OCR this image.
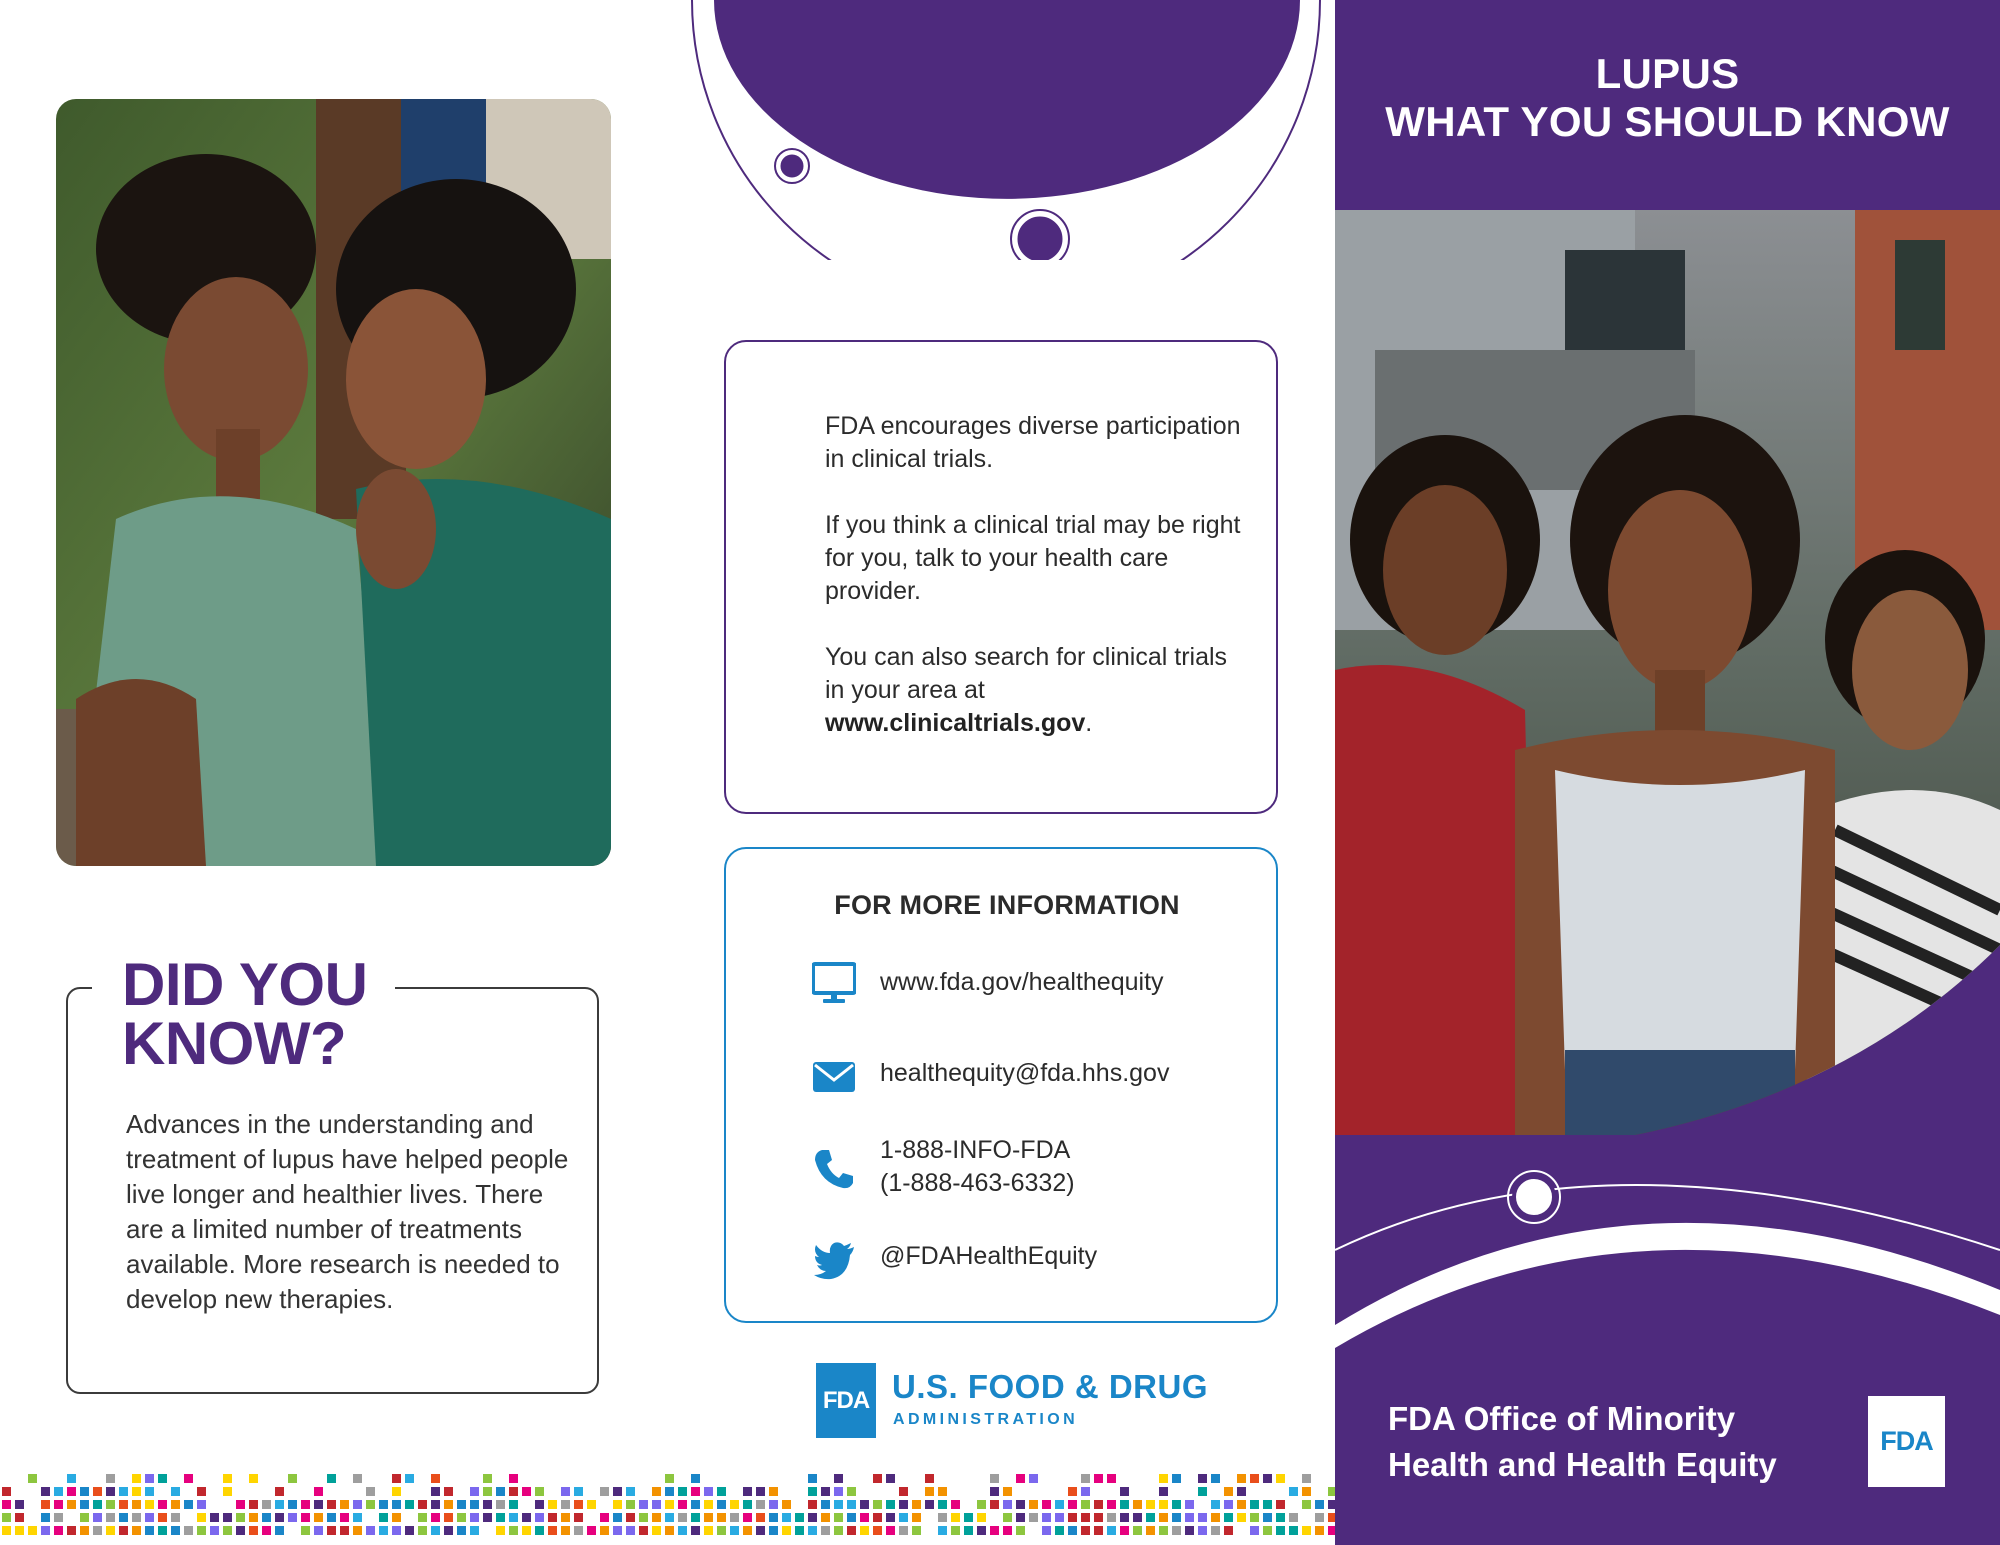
DID YOU
KNOW?
Advances in the understanding and treatment of lupus have helped people live longer and healthier lives. There are a limited number of treatments available. More research is needed to develop new therapies.

FDA encourages diverse participation in clinical trials.

If you think a clinical trial may be right for you, talk to your health care provider.

You can also search for clinical trials in your area at www.clinicaltrials.gov.

FOR MORE INFORMATION
www.fda.gov/healthequity
healthequity@fda.hhs.gov
1-888-INFO-FDA
(1-888-463-6332)
@FDAHealthEquity
FDA U.S. FOOD & DRUG
ADMINISTRATION
LUPUS
WHAT YOU SHOULD KNOW
FDA Office of Minority
Health and Health Equity
FDA
